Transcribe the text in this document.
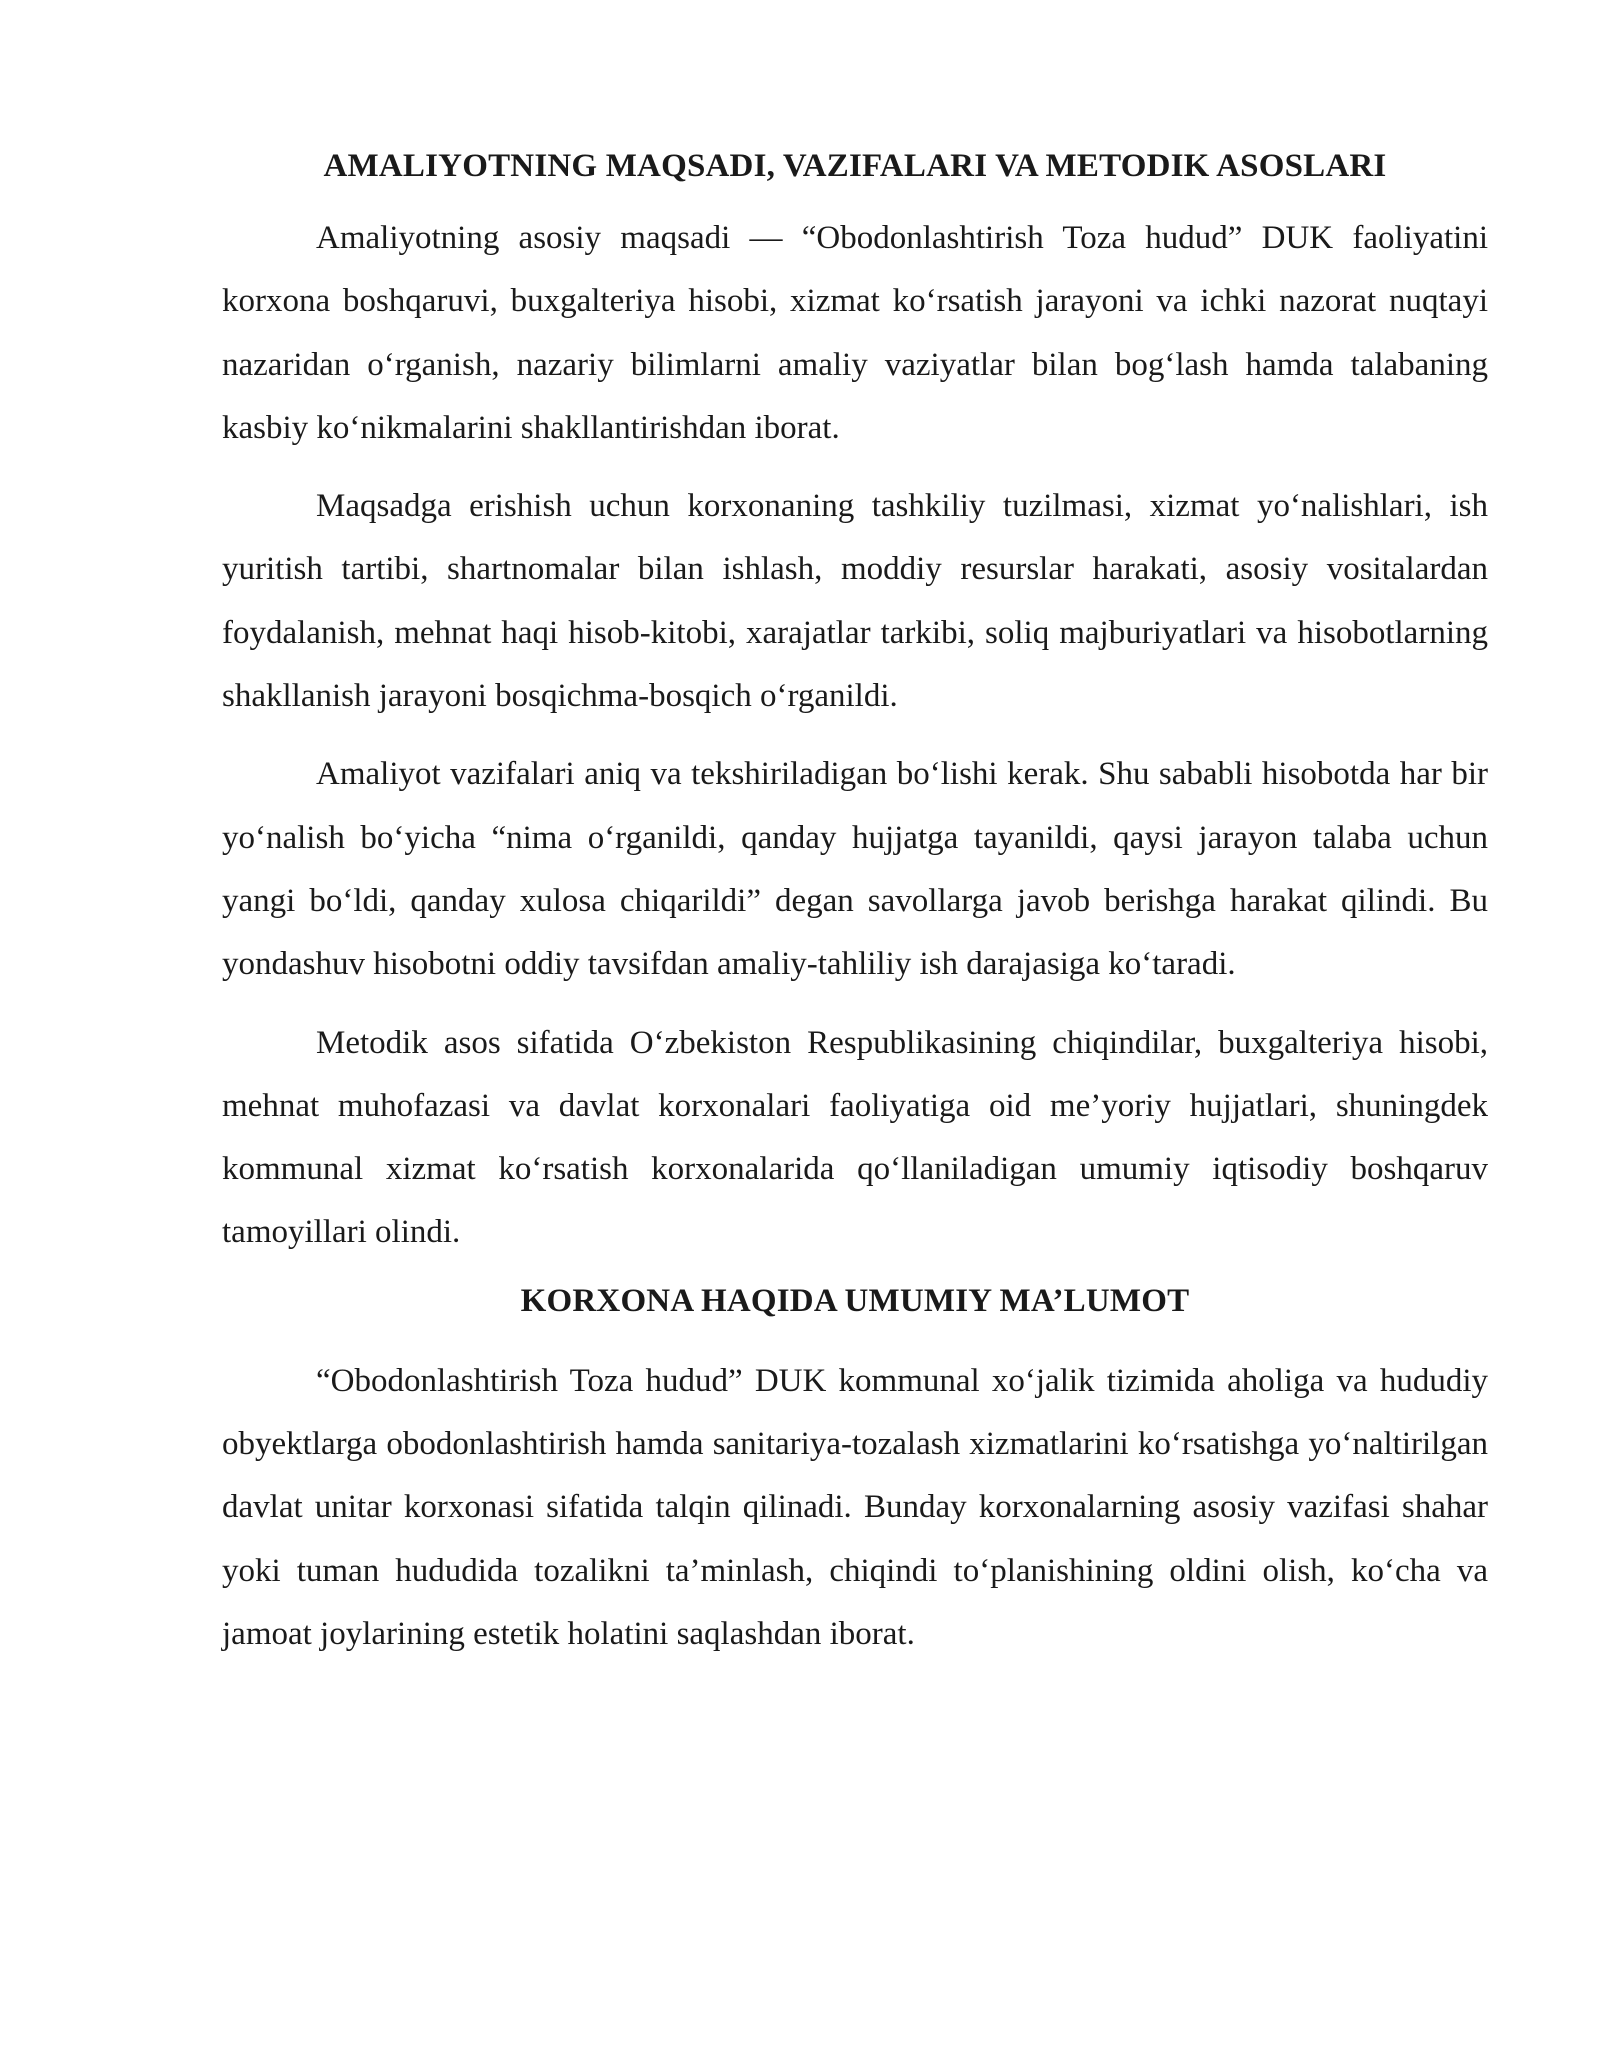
AMALIYOTNING MAQSADI, VAZIFALARI VA METODIK ASOSLARI

Amaliyotning asosiy maqsadi — “Obodonlashtirish Toza hudud” DUK faoliyatini korxona boshqaruvi, buxgalteriya hisobi, xizmat ko‘rsatish jarayoni va ichki nazorat nuqtayi nazaridan o‘rganish, nazariy bilimlarni amaliy vaziyatlar bilan bog‘lash hamda talabaning kasbiy ko‘nikmalarini shakllantirishdan iborat.

Maqsadga erishish uchun korxonaning tashkiliy tuzilmasi, xizmat yo‘nalishlari, ish yuritish tartibi, shartnomalar bilan ishlash, moddiy resurslar harakati, asosiy vositalardan foydalanish, mehnat haqi hisob-kitobi, xarajatlar tarkibi, soliq majburiyatlari va hisobotlarning shakllanish jarayoni bosqichma-bosqich o‘rganildi.

Amaliyot vazifalari aniq va tekshiriladigan bo‘lishi kerak. Shu sababli hisobotda har bir yo‘nalish bo‘yicha “nima o‘rganildi, qanday hujjatga tayanildi, qaysi jarayon talaba uchun yangi bo‘ldi, qanday xulosa chiqarildi” degan savollarga javob berishga harakat qilindi. Bu yondashuv hisobotni oddiy tavsifdan amaliy-tahliliy ish darajasiga ko‘taradi.

Metodik asos sifatida O‘zbekiston Respublikasining chiqindilar, buxgalteriya hisobi, mehnat muhofazasi va davlat korxonalari faoliyatiga oid me’yoriy hujjatlari, shuningdek kommunal xizmat ko‘rsatish korxonalarida qo‘llaniladigan umumiy iqtisodiy boshqaruv tamoyillari olindi.

KORXONA HAQIDA UMUMIY MA’LUMOT

“Obodonlashtirish Toza hudud” DUK kommunal xo‘jalik tizimida aholiga va hududiy obyektlarga obodonlashtirish hamda sanitariya-tozalash xizmatlarini ko‘rsatishga yo‘naltirilgan davlat unitar korxonasi sifatida talqin qilinadi. Bunday korxonalarning asosiy vazifasi shahar yoki tuman hududida tozalikni ta’minlash, chiqindi to‘planishining oldini olish, ko‘cha va jamoat joylarining estetik holatini saqlashdan iborat.
